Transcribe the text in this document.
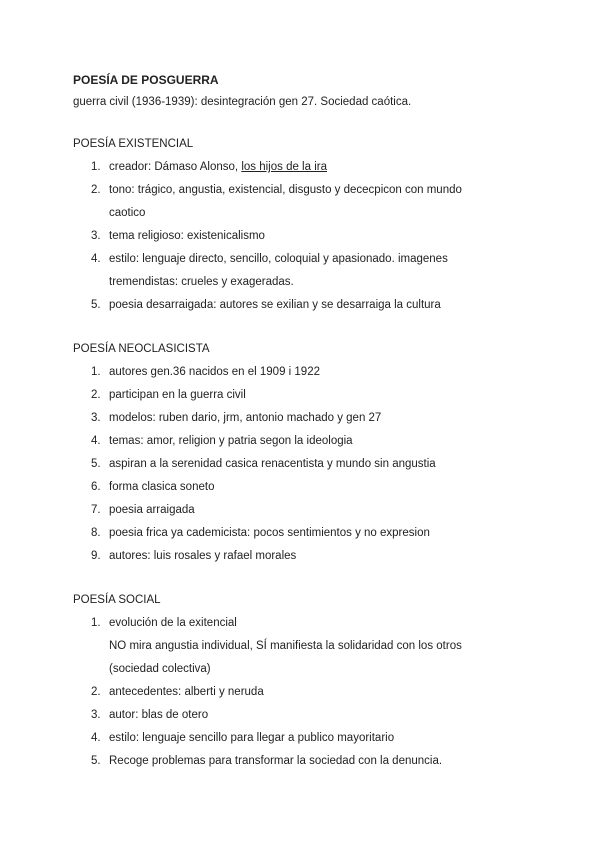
POESÍA DE POSGUERRA

guerra civil (1936-1939): desintegración gen 27. Sociedad caótica.

POESÍA EXISTENCIAL

1. creador: Dámaso Alonso, los hijos de la ira
2. tono: trágico, angustia, existencial, disgusto y dececpicon con mundo
caotico
3. tema religioso: existenicalismo
4. estilo: lenguaje directo, sencillo, coloquial y apasionado. imagenes
tremendistas: crueles y exageradas.
5. poesia desarraigada: autores se exilian y se desarraiga la cultura

POESÍA NEOCLASICISTA

1. autores gen.36 nacidos en el 1909 i 1922
2. participan en la guerra civil
3. modelos: ruben dario, jrm, antonio machado y gen 27
4. temas: amor, religion y patria segon la ideologia
5. aspiran a la serenidad casica renacentista y mundo sin angustia
6. forma clasica soneto
7. poesia arraigada
8. poesia frica ya cademicista: pocos sentimientos y no expresion
9. autores: luis rosales y rafael morales

POESÍA SOCIAL

1. evolución de la exitencial
NO mira angustia individual, SÍ manifiesta la solidaridad con los otros
(sociedad colectiva)
2. antecedentes: alberti y neruda
3. autor: blas de otero
4. estilo: lenguaje sencillo para llegar a publico mayoritario
5. Recoge problemas para transformar la sociedad con la denuncia.
